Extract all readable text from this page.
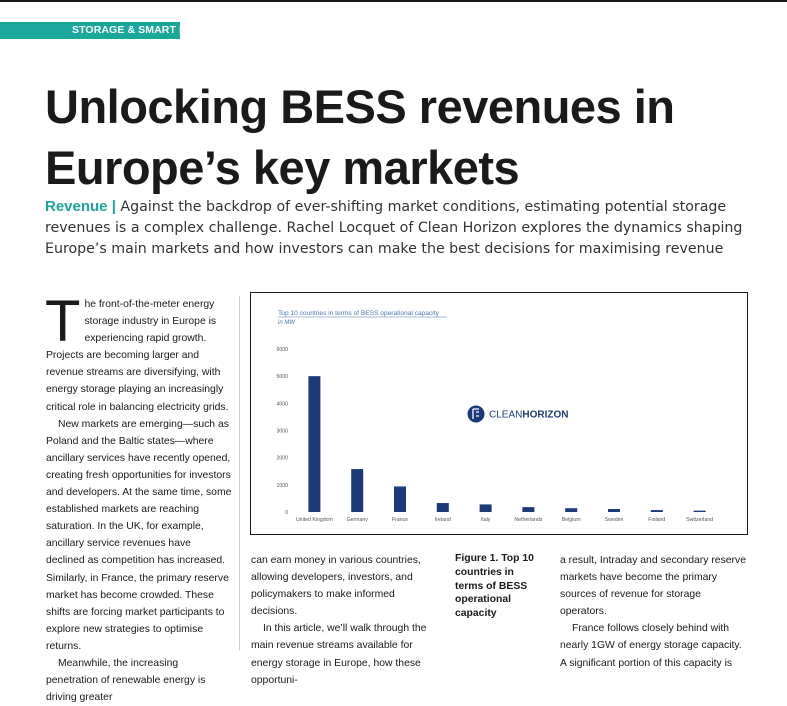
STORAGE & SMART POWER
Unlocking BESS revenues in
Europe’s key markets

Revenue | Against the backdrop of ever-shifting market conditions, estimating potential storage revenues is a complex challenge. Rachel Locquet of Clean Horizon explores the dynamics shaping Europe’s main markets and how investors can make the best decisions for maximising revenue

The front-of-the-meter energy storage industry in Europe is experiencing rapid growth. Projects are becoming larger and revenue streams are diversifying, with energy storage playing an increasingly critical role in balancing electricity grids.

New markets are emerging—such as Poland and the Baltic states—where ancillary services have recently opened, creating fresh opportunities for investors and developers. At the same time, some established markets are reaching saturation. In the UK, for example, ancillary service revenues have declined as competition has increased. Similarly, in France, the primary reserve market has become crowded. These shifts are forcing market participants to explore new strategies to optimise returns.

Meanwhile, the increasing penetration of renewable energy is driving greater

Top 10 countries in terms of BESS operational capacity
in MW
0
1000
2000
3000
4000
5000
6000
United Kingdom	Germany	France	Ireland	Italy	Netherlands	Belgium	Sweden	Finland	Switzerland
CLEANHORIZON

can earn money in various countries, allowing developers, investors, and policymakers to make informed decisions.

In this article, we’ll walk through the main revenue streams available for energy storage in Europe, how these opportuni-

Figure 1. Top 10 countries in terms of BESS operational capacity

a result, Intraday and secondary reserve markets have become the primary sources of revenue for storage operators.

France follows closely behind with nearly 1GW of energy storage capacity. A significant portion of this capacity is
